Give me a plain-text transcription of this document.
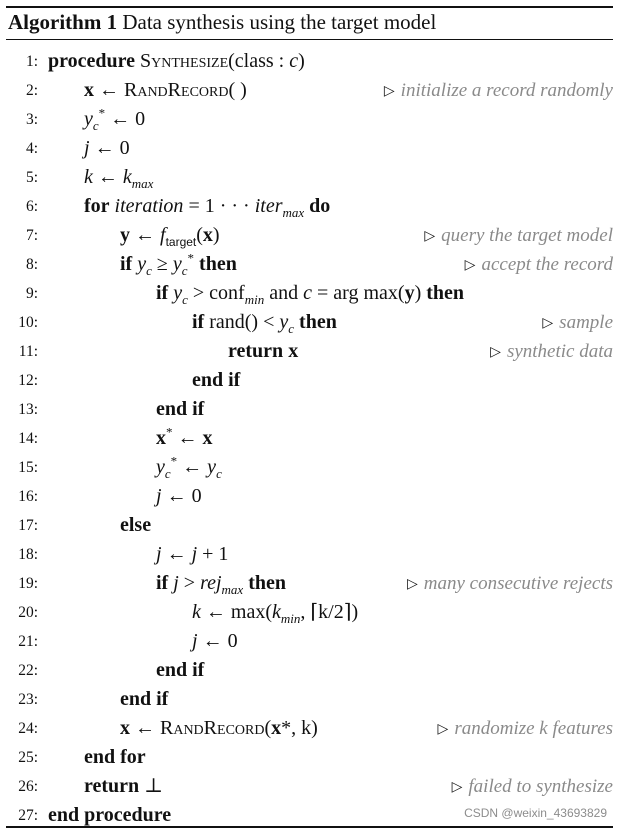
Algorithm 1 Data synthesis using the target model
1: procedure Synthesize(class : c)
2: x ← RandRecord( )	▷ initialize a record randomly
3: $y_c^*$ ← 0
4: j ← 0
5: k ← $k_{max}$
6: for iteration = 1 · · · iter$_{max}$ do
7:	y ← $f_{target}(x)$	▷ query the target model
8:	if $y_c \ge y_c^*$ then	▷ accept the record
9:	if $y_c$ > conf$_{min}$ and c = arg max(y) then
10:	if rand() < $y_c$ then	▷ sample
11:	return x	▷ synthetic data
12:	end if
13:	end if
14:	x* ← x
15:	$y_c^*$ ← $y_c$
16:	j ← 0
17:	else
18:	j ← j + 1
19:	if j > rej$_{max}$ then	▷ many consecutive rejects
20:	k ← $\max(k_{min}$, ⌈k/2⌉)
21:	j ← 0
22:	end if
23:	end if
24:	x ← RandRecord(x*, k)	▷ randomize k features
25: end for
26: return ⊥	▷ failed to synthesize
27: end procedure	CSDN @weixin_43693829
